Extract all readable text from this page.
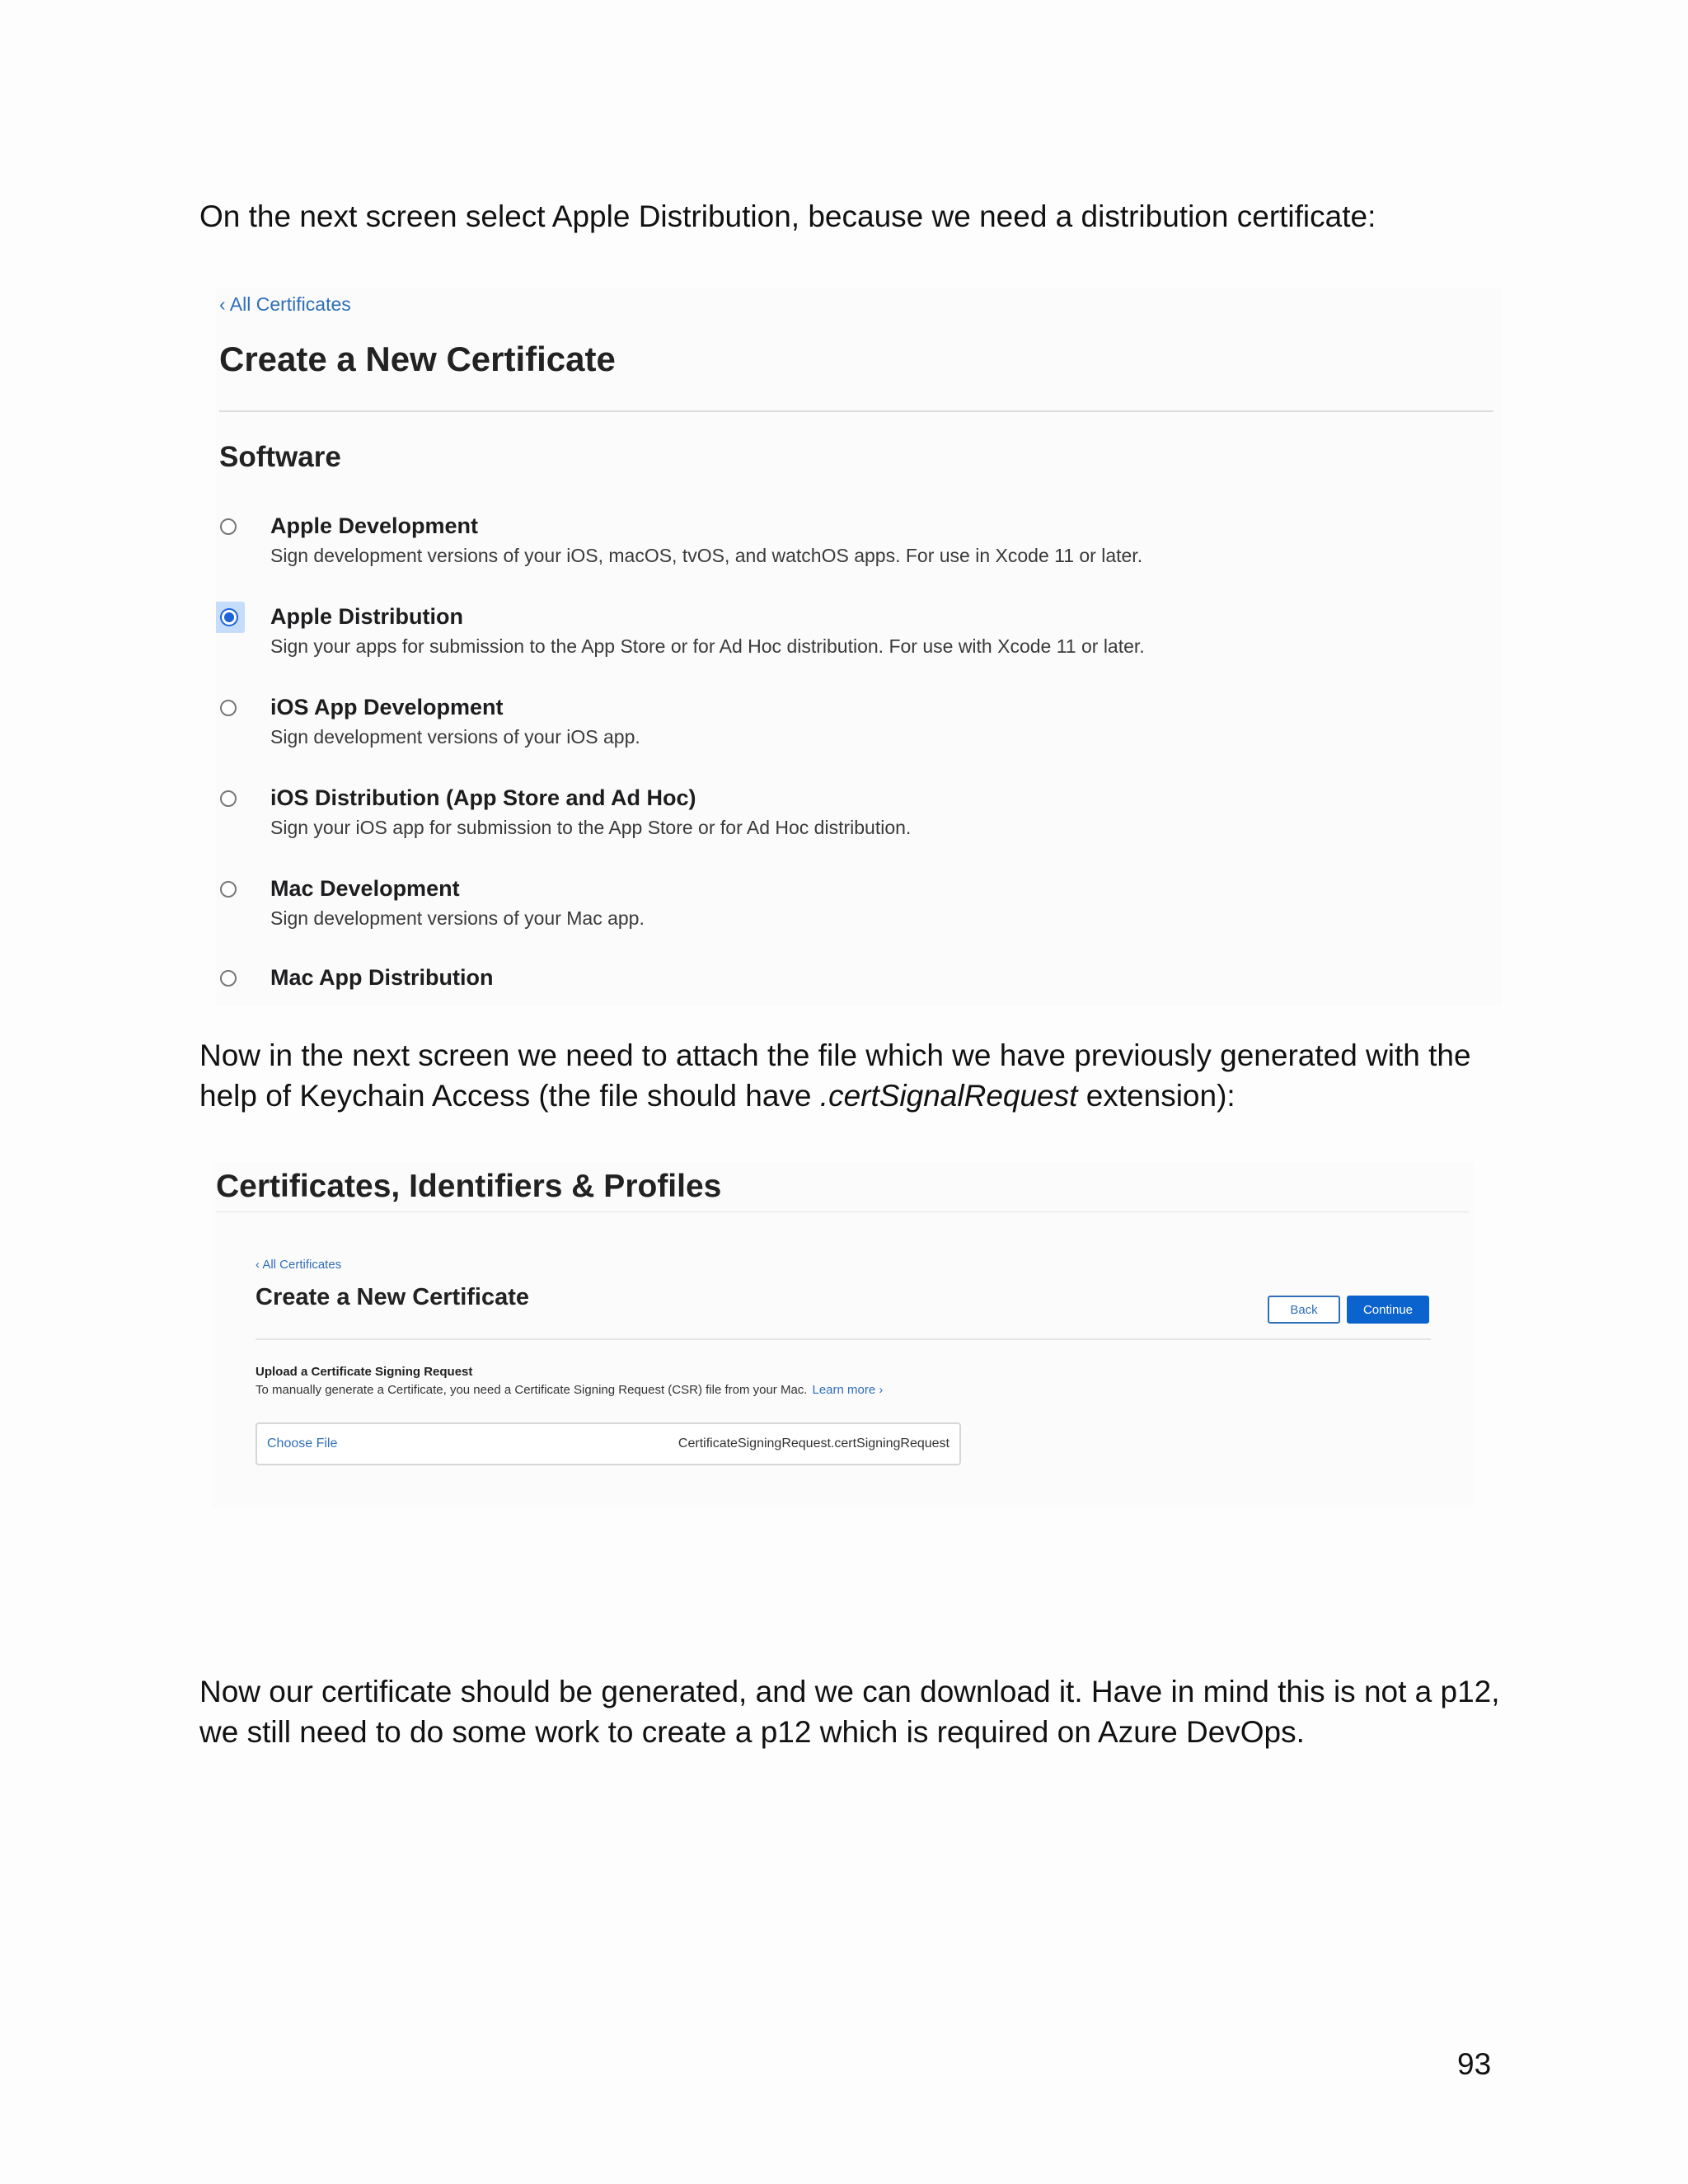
On the next screen select Apple Distribution, because we need a distribution certificate:

‹ All Certificates
Create a New Certificate
Software
Apple Development
Sign development versions of your iOS, macOS, tvOS, and watchOS apps. For use in Xcode 11 or later.
Apple Distribution
Sign your apps for submission to the App Store or for Ad Hoc distribution. For use with Xcode 11 or later.
iOS App Development
Sign development versions of your iOS app.
iOS Distribution (App Store and Ad Hoc)
Sign your iOS app for submission to the App Store or for Ad Hoc distribution.
Mac Development
Sign development versions of your Mac app.
Mac App Distribution

Now in the next screen we need to attach the file which we have previously generated with the help of Keychain Access (the file should have .certSignalRequest extension):

Certificates, Identifiers & Profiles
‹ All Certificates
Create a New Certificate	Back	Continue
Upload a Certificate Signing Request
To manually generate a Certificate, you need a Certificate Signing Request (CSR) file from your Mac. Learn more ›
Choose File	CertificateSigningRequest.certSigningRequest

Now our certificate should be generated, and we can download it. Have in mind this is not a p12, we still need to do some work to create a p12 which is required on Azure DevOps.

93
